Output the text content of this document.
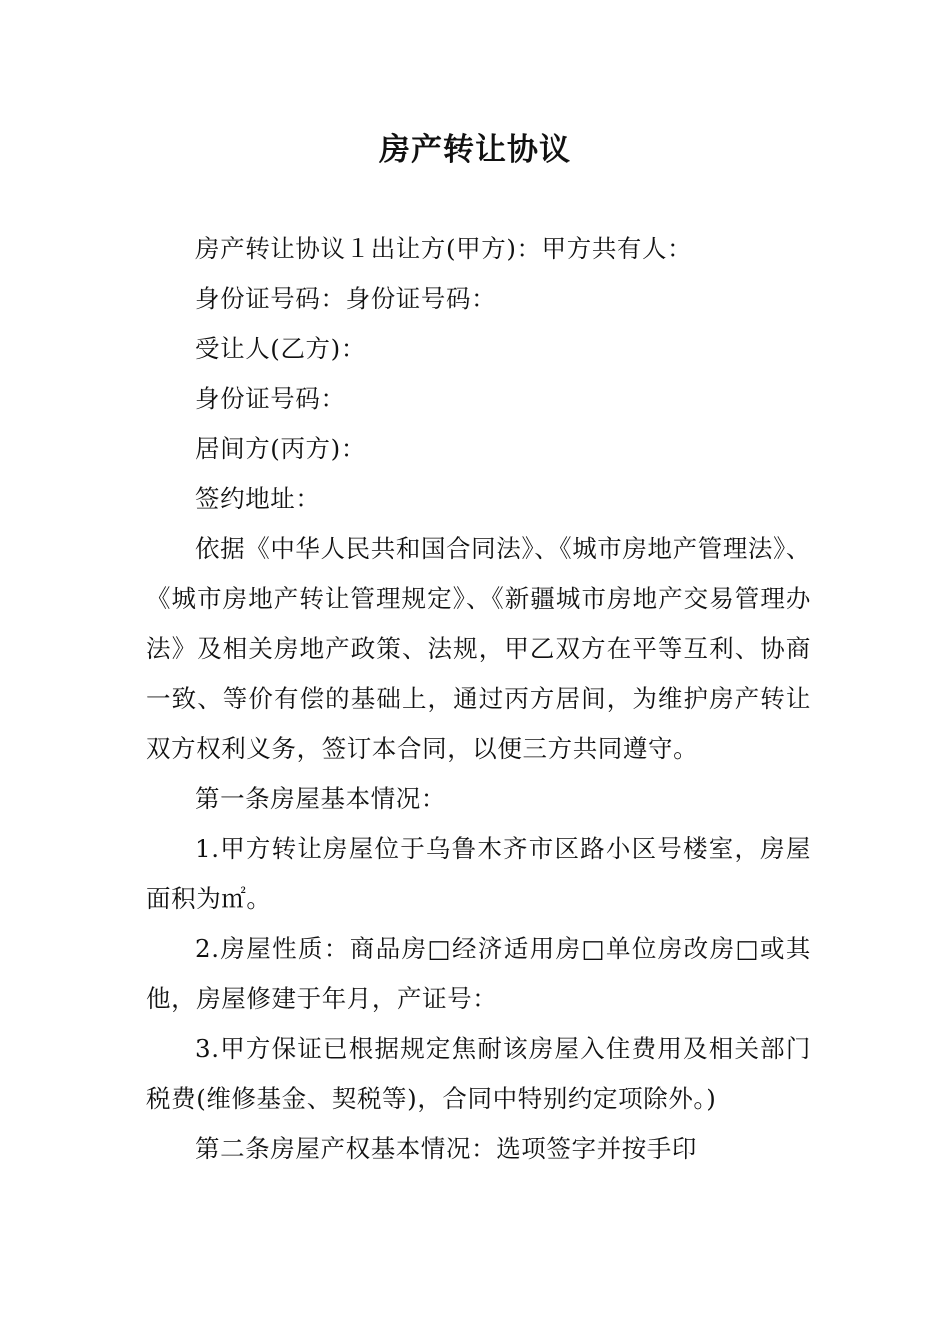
房产转让协议

房产转让协议１出让方(甲方)：甲方共有人：

身份证号码：身份证号码：

受让人(乙方)：

身份证号码：

居间方(丙方)：

签约地址：

依据《中华人民共和国合同法》、《城市房地产管理法》、《城市房地产转让管理规定》、《新疆城市房地产交易管理办法》及相关房地产政策、法规，甲乙双方在平等互利、协商一致、等价有偿的基础上，通过丙方居间，为维护房产转让双方权利义务，签订本合同，以便三方共同遵守。

第一条房屋基本情况：

1.甲方转让房屋位于乌鲁木齐市区路小区号楼室，房屋面积为㎡。

2.房屋性质：商品房□经济适用房□单位房改房□或其他，房屋修建于年月，产证号：

3.甲方保证已根据规定焦耐该房屋入住费用及相关部门税费(维修基金、契税等)，合同中特别约定项除外。)

第二条房屋产权基本情况：选项签字并按手印
